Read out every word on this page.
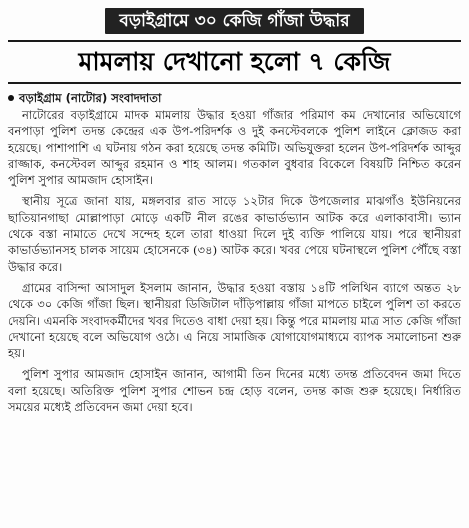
বড়াইগ্রামে ৩০ কেজি গাঁজা উদ্ধার
মামলায় দেখানো হলো ৭ কেজি
বড়াইগ্রাম (নাটোর) সংবাদদাতা

নাটোরের বড়াইগ্রামে মাদক মামলায় উদ্ধার হওয়া গাঁজার পরিমাণ কম দেখানোর অভিযোগে বনপাড়া পুলিশ তদন্ত কেন্দ্রের এক উপ-পরিদর্শক ও দুই কনস্টেবলকে পুলিশ লাইনে ক্লোজড করা হয়েছে। পাশাপাশি এ ঘটনায় গঠন করা হয়েছে তদন্ত কমিটি। অভিযুক্তরা হলেন উপ-পরিদর্শক আব্দুর রাজ্জাক, কনস্টেবল আব্দুর রহমান ও শাহ আলম। গতকাল বুধবার বিকেলে বিষয়টি নিশ্চিত করেন পুলিশ সুপার আমজাদ হোসাইন।

স্থানীয় সূত্রে জানা যায়, মঙ্গলবার রাত সাড়ে ১২টার দিকে উপজেলার মাঝগাঁও ইউনিয়নের ছাতিয়ানগাছা মোল্লাপাড়া মোড়ে একটি নীল রঙের কাভার্ডভ্যান আটক করে এলাকাবাসী। ভ্যান থেকে বস্তা নামাতে দেখে সন্দেহ হলে তারা ধাওয়া দিলে দুই ব্যক্তি পালিয়ে যায়। পরে স্থানীয়রা কাভার্ডভ্যানসহ চালক সায়েম হোসেনকে (৩৪) আটক করে। খবর পেয়ে ঘটনাস্থলে পুলিশ পৌঁছে বস্তা উদ্ধার করে।

গ্রামের বাসিন্দা আসাদুল ইসলাম জানান, উদ্ধার হওয়া বস্তায় ১৪টি পলিথিন ব্যাগে অন্তত ২৮ থেকে ৩০ কেজি গাঁজা ছিল। স্থানীয়রা ডিজিটাল দাঁড়িপাল্লায় গাঁজা মাপতে চাইলে পুলিশ তা করতে দেয়নি। এমনকি সংবাদকর্মীদের খবর দিতেও বাধা দেয়া হয়। কিন্তু পরে মামলায় মাত্র সাত কেজি গাঁজা দেখানো হয়েছে বলে অভিযোগ ওঠে। এ নিয়ে সামাজিক যোগাযোগমাধ্যমে ব্যাপক সমালোচনা শুরু হয়।

পুলিশ সুপার আমজাদ হোসাইন জানান, আগামী তিন দিনের মধ্যে তদন্ত প্রতিবেদন জমা দিতে বলা হয়েছে। অতিরিক্ত পুলিশ সুপার শোভন চন্দ্র হোড় বলেন, তদন্ত কাজ শুরু হয়েছে। নির্ধারিত সময়ের মধ্যেই প্রতিবেদন জমা দেয়া হবে।
